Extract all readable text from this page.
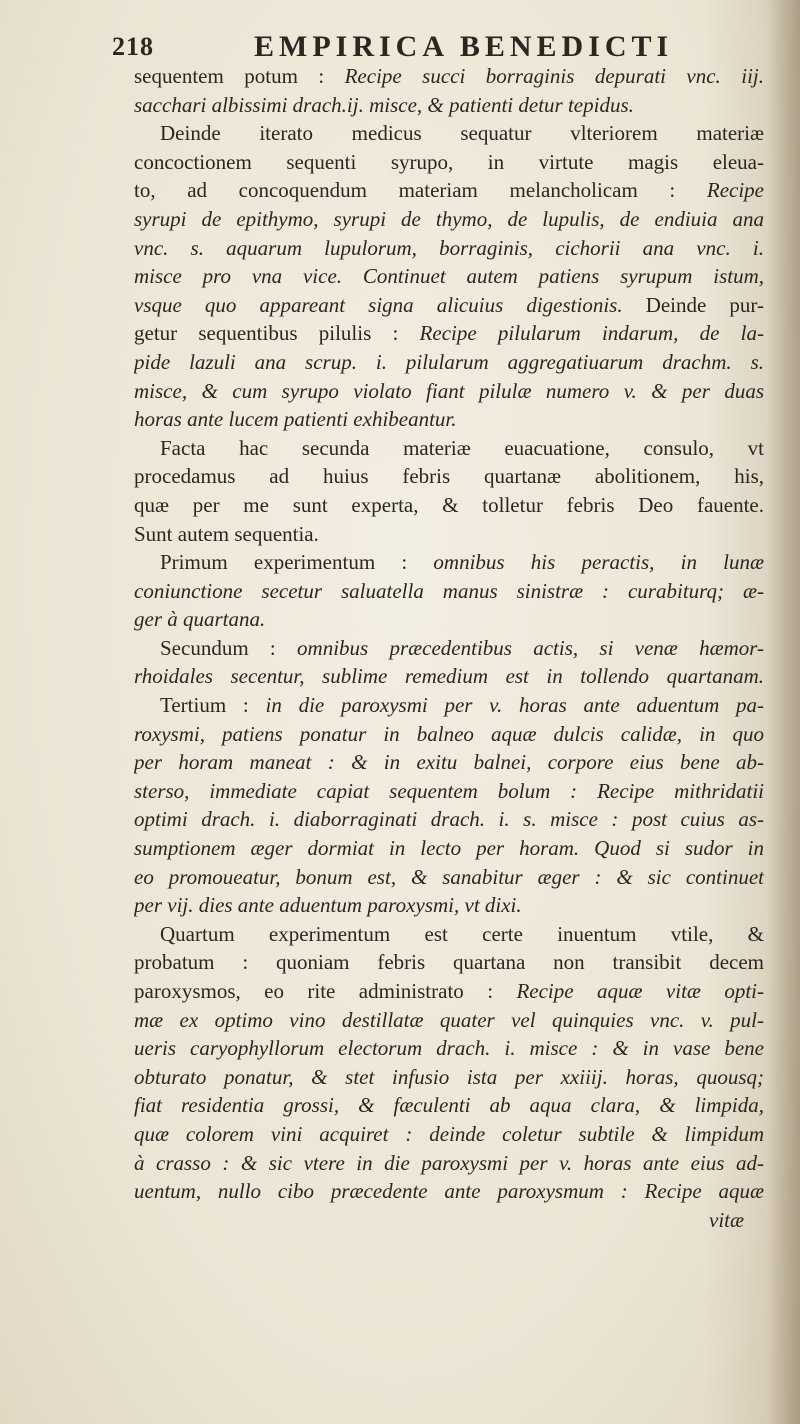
218	EMPIRICA BENEDICTI
sequentem potum : Recipe succi borraginis depurati vnc. iij.
sacchari albissimi drach.ij. misce, & patienti detur tepidus.
Deinde iterato medicus sequatur vlteriorem materiæ
concoctionem sequenti syrupo, in virtute magis eleua-
to, ad concoquendum materiam melancholicam : Recipe
syrupi de epithymo, syrupi de thymo, de lupulis, de endiuia ana
vnc. s. aquarum lupulorum, borraginis, cichorii ana vnc. i.
misce pro vna vice. Continuet autem patiens syrupum istum,
vsque quo appareant signa alicuius digestionis. Deinde pur-
getur sequentibus pilulis : Recipe pilularum indarum, de la-
pide lazuli ana scrup. i. pilularum aggregatiuarum drachm. s.
misce, & cum syrupo violato fiant pilulæ numero v. & per duas
horas ante lucem patienti exhibeantur.
Facta hac secunda materiæ euacuatione, consulo, vt
procedamus ad huius febris quartanæ abolitionem, his,
quæ per me sunt experta, & tolletur febris Deo fauente.
Sunt autem sequentia.
Primum experimentum : omnibus his peractis, in lunæ
coniunctione secetur saluatella manus sinistræ : curabiturq; æ-
ger à quartana.
Secundum : omnibus præcedentibus actis, si venæ hæmor-
rhoidales secentur, sublime remedium est in tollendo quartanam.
Tertium : in die paroxysmi per v. horas ante aduentum pa-
roxysmi, patiens ponatur in balneo aquæ dulcis calidæ, in quo
per horam maneat : & in exitu balnei, corpore eius bene ab-
sterso, immediate capiat sequentem bolum : Recipe mithridatii
optimi drach. i. diaborraginati drach. i. s. misce : post cuius as-
sumptionem æger dormiat in lecto per horam. Quod si sudor in
eo promoueatur, bonum est, & sanabitur æger : & sic continuet
per vij. dies ante aduentum paroxysmi, vt dixi.
Quartum experimentum est certe inuentum vtile, &
probatum : quoniam febris quartana non transibit decem
paroxysmos, eo rite administrato : Recipe aquæ vitæ opti-
mæ ex optimo vino destillatæ quater vel quinquies vnc. v. pul-
ueris caryophyllorum electorum drach. i. misce : & in vase bene
obturato ponatur, & stet infusio ista per xxiiij. horas, quousq;
fiat residentia grossi, & fæculenti ab aqua clara, & limpida,
quæ colorem vini acquiret : deinde coletur subtile & limpidum
à crasso : & sic vtere in die paroxysmi per v. horas ante eius ad-
uentum, nullo cibo præcedente ante paroxysmum : Recipe aquæ
vitæ
